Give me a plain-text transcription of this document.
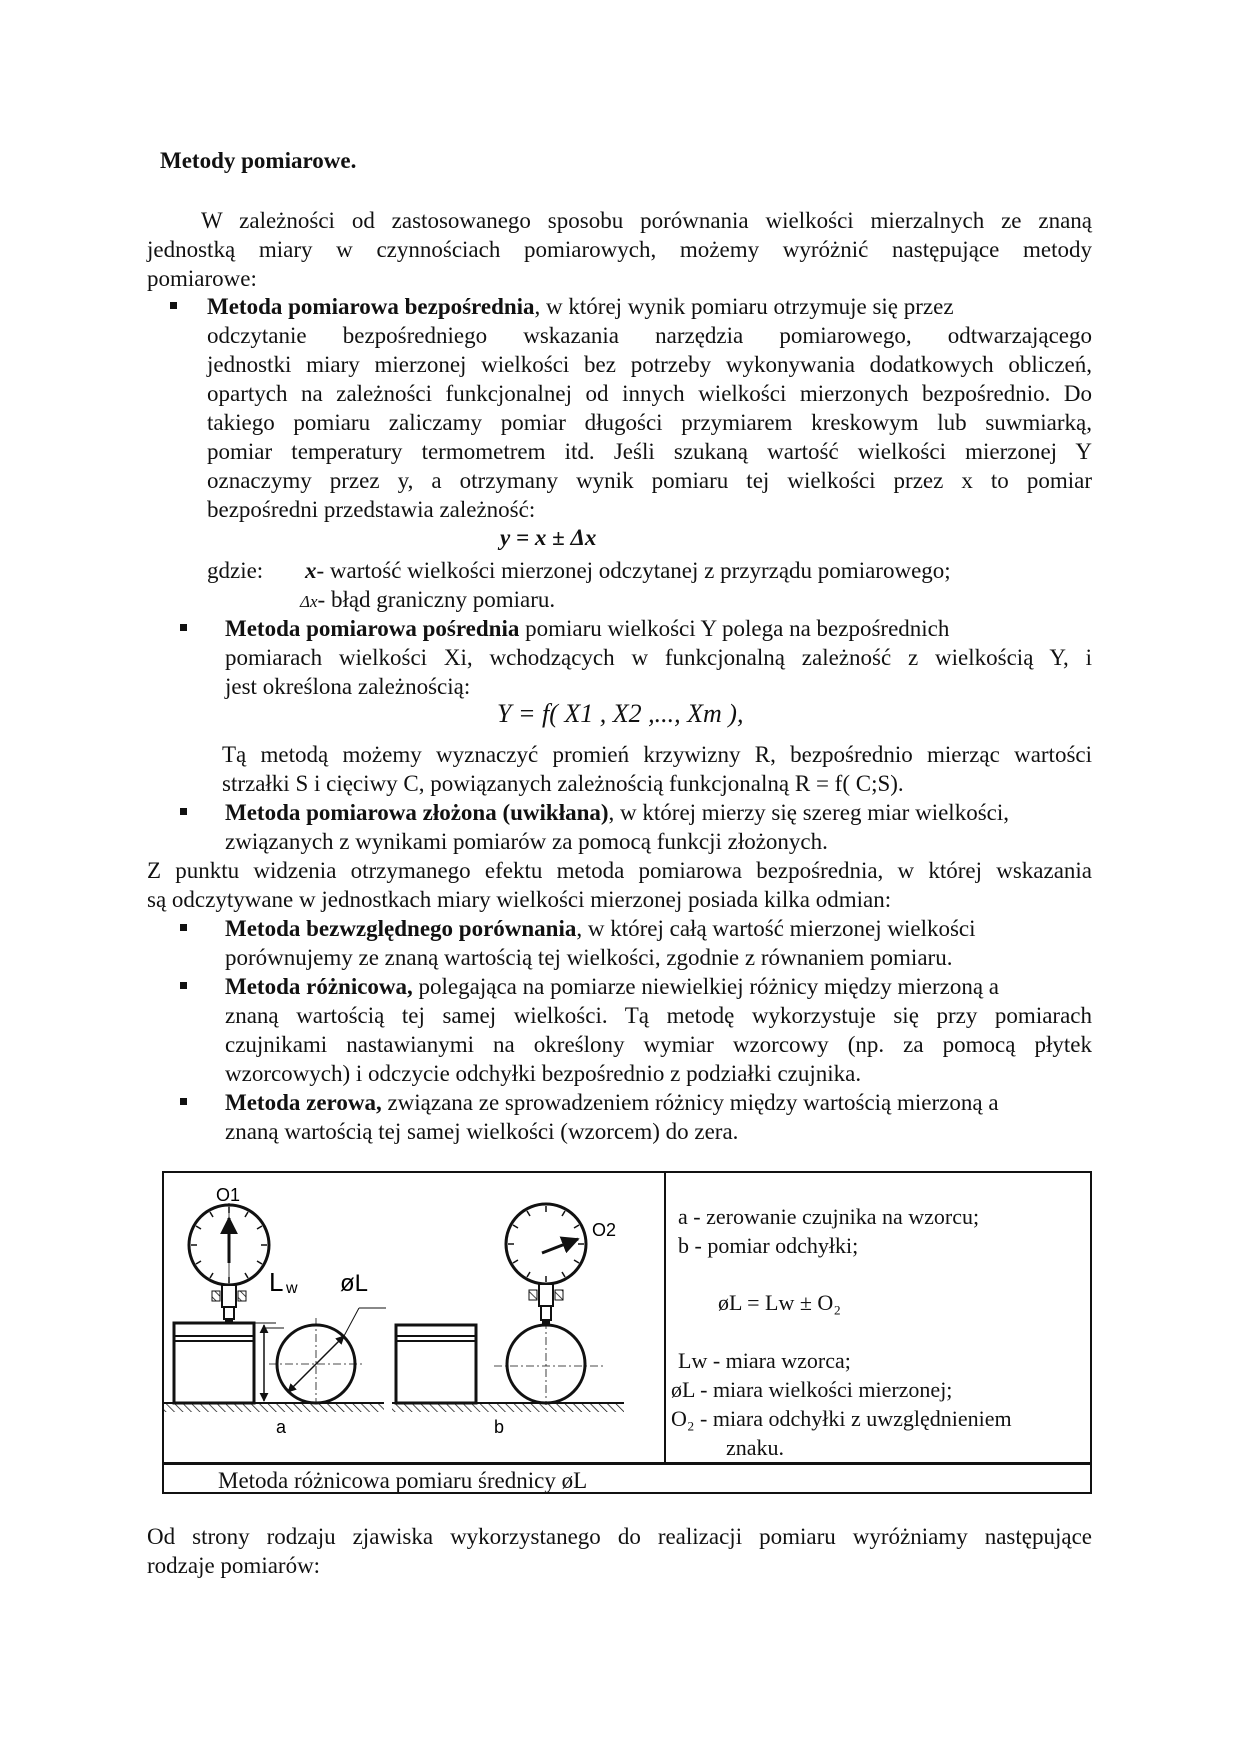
Metody pomiarowe.
W zależności od zastosowanego sposobu porównania wielkości mierzalnych ze znaną
jednostką miary w czynnościach pomiarowych, możemy wyróżnić następujące metody
pomiarowe:
Metoda pomiarowa bezpośrednia, w której wynik pomiaru otrzymuje się przez
odczytanie bezpośredniego wskazania narzędzia pomiarowego, odtwarzającego
jednostki miary mierzonej wielkości bez potrzeby wykonywania dodatkowych obliczeń,
opartych na zależności funkcjonalnej od innych wielkości mierzonych bezpośrednio. Do
takiego pomiaru zaliczamy pomiar długości przymiarem kreskowym lub suwmiarką,
pomiar temperatury termometrem itd. Jeśli szukaną wartość wielkości mierzonej Y
oznaczymy przez y, a otrzymany wynik pomiaru tej wielkości przez x to pomiar
bezpośredni przedstawia zależność:
y = x ± Δx
gdzie: x- wartość wielkości mierzonej odczytanej z przyrządu pomiarowego;
Δx- błąd graniczny pomiaru.
Metoda pomiarowa pośrednia pomiaru wielkości Y polega na bezpośrednich
pomiarach wielkości Xi, wchodzących w funkcjonalną zależność z wielkością Y, i
jest określona zależnością:
Y = f( X1 , X2 ,..., Xm ),
Tą metodą możemy wyznaczyć promień krzywizny R, bezpośrednio mierząc wartości
strzałki S i cięciwy C, powiązanych zależnością funkcjonalną R = f( C;S).
Metoda pomiarowa złożona (uwikłana), w której mierzy się szereg miar wielkości,
związanych z wynikami pomiarów za pomocą funkcji złożonych.
Z punktu widzenia otrzymanego efektu metoda pomiarowa bezpośrednia, w której wskazania
są odczytywane w jednostkach miary wielkości mierzonej posiada kilka odmian:
Metoda bezwzględnego porównania, w której całą wartość mierzonej wielkości
porównujemy ze znaną wartością tej wielkości, zgodnie z równaniem pomiaru.
Metoda różnicowa, polegająca na pomiarze niewielkiej różnicy między mierzoną a
znaną wartością tej samej wielkości. Tą metodę wykorzystuje się przy pomiarach
czujnikami nastawianymi na określony wymiar wzorcowy (np. za pomocą płytek
wzorcowych) i odczycie odchyłki bezpośrednio z podziałki czujnika.
Metoda zerowa, związana ze sprowadzeniem różnicy między wartością mierzoną a
znaną wartością tej samej wielkości (wzorcem) do zera.
O1
L w øL
a
O2
b
a - zerowanie czujnika na wzorcu;
b - pomiar odchyłki;
øL = Lw ± O₂
Lw - miara wzorca;
øL - miara wielkości mierzonej;
O₂ - miara odchyłki z uwzględnieniem
znaku.
Metoda różnicowa pomiaru średnicy øL
Od strony rodzaju zjawiska wykorzystanego do realizacji pomiaru wyróżniamy następujące
rodzaje pomiarów:
